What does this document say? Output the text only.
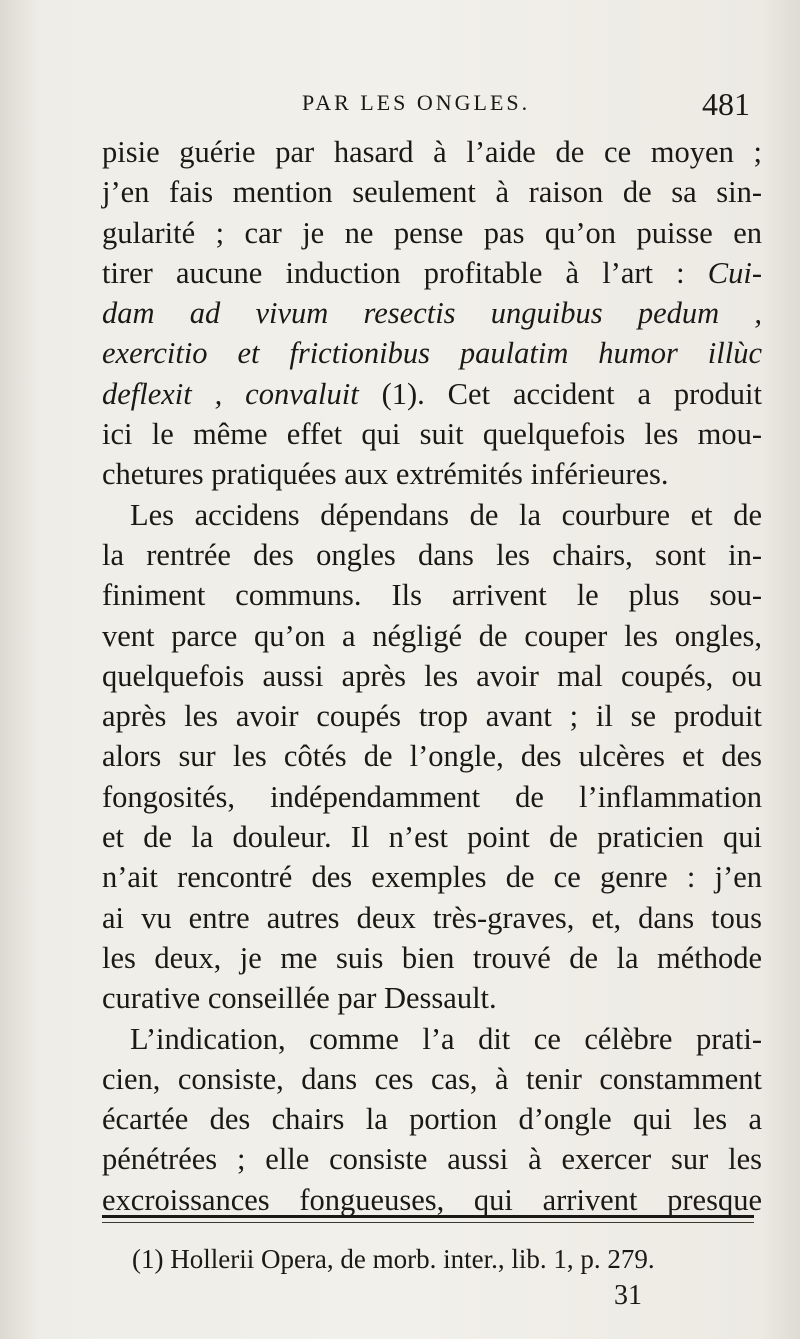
PAR LES ONGLES.	481
pisie guérie par hasard à l’aide de ce moyen ;
j’en fais mention seulement à raison de sa sin-
gularité ; car je ne pense pas qu’on puisse en
tirer aucune induction profitable à l’art : Cui-
dam ad vivum resectis unguibus pedum ,
exercitio et frictionibus paulatim humor illùc
deflexit , convaluit (1). Cet accident a produit
ici le même effet qui suit quelquefois les mou-
chetures pratiquées aux extrémités inférieures.
Les accidens dépendans de la courbure et de
la rentrée des ongles dans les chairs, sont in-
finiment communs. Ils arrivent le plus sou-
vent parce qu’on a négligé de couper les ongles,
quelquefois aussi après les avoir mal coupés, ou
après les avoir coupés trop avant ; il se produit
alors sur les côtés de l’ongle, des ulcères et des
fongosités, indépendamment de l’inflammation
et de la douleur. Il n’est point de praticien qui
n’ait rencontré des exemples de ce genre : j’en
ai vu entre autres deux très-graves, et, dans tous
les deux, je me suis bien trouvé de la méthode
curative conseillée par Dessault.
L’indication, comme l’a dit ce célèbre prati-
cien, consiste, dans ces cas, à tenir constamment
écartée des chairs la portion d’ongle qui les a
pénétrées ; elle consiste aussi à exercer sur les
excroissances fongueuses, qui arrivent presque
(1) Hollerii Opera, de morb. inter., lib. 1, p. 279.
31
